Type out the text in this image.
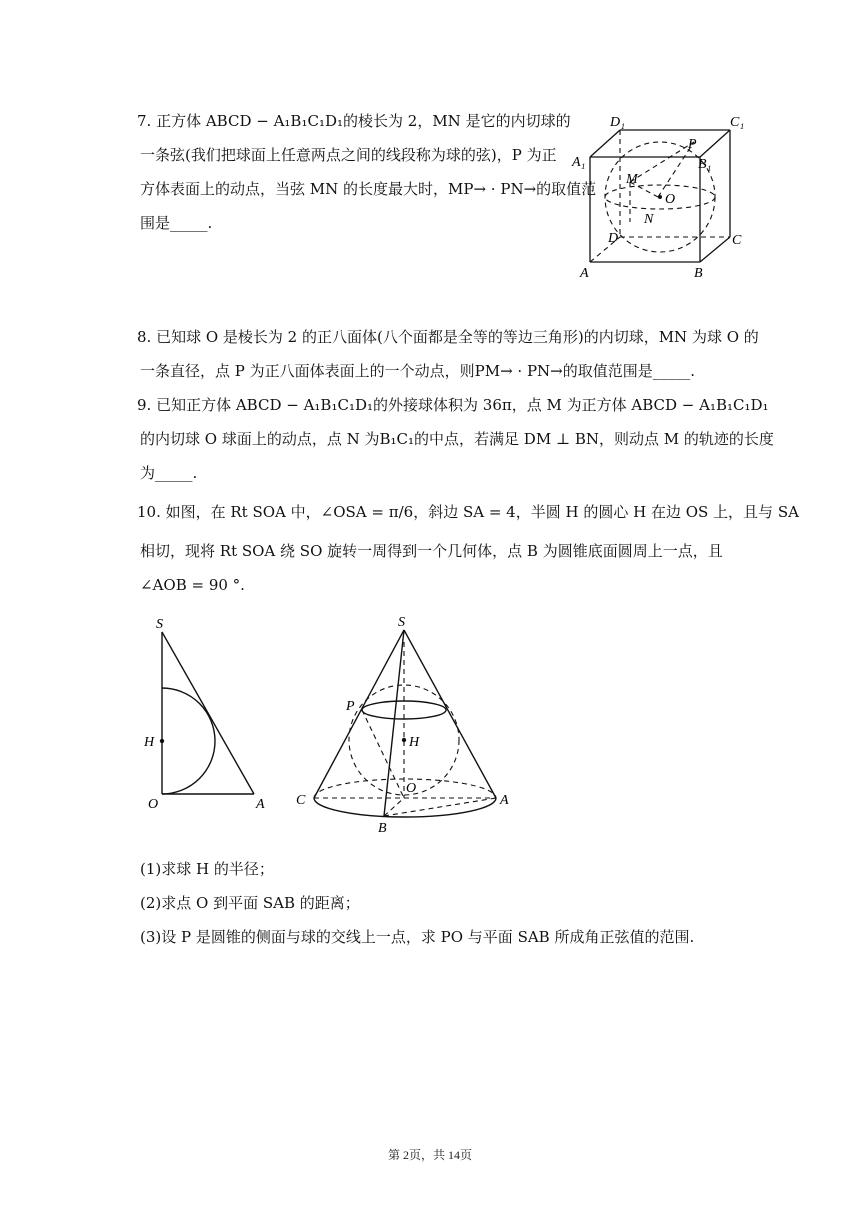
7. 正方体 ABCD − A₁B₁C₁D₁的棱长为 2，MN 是它的内切球的

一条弦(我们把球面上任意两点之间的线段称为球的弦)，P 为正

方体表面上的动点，当弦 MN 的长度最大时，MP→ · PN→的取值范

围是_____.

D₁	C₁
A₁	B₁
P
M
O
N
D	C
A	B

8. 已知球 O 是棱长为 2 的正八面体(八个面都是全等的等边三角形)的内切球，MN 为球 O 的

一条直径，点 P 为正八面体表面上的一个动点，则PM→ · PN→的取值范围是_____.

9. 已知正方体 ABCD − A₁B₁C₁D₁的外接球体积为 36π，点 M 为正方体 ABCD − A₁B₁C₁D₁

的内切球 O 球面上的动点，点 N 为B₁C₁的中点，若满足 DM ⊥ BN，则动点 M 的轨迹的长度

为_____.

10. 如图，在 Rt SOA 中，∠OSA = π/6，斜边 SA = 4，半圆 H 的圆心 H 在边 OS 上，且与 SA

相切，现将 Rt SOA 绕 SO 旋转一周得到一个几何体，点 B 为圆锥底面圆周上一点，且

∠AOB = 90 °.

S
H
O	A
S
P
H
C
O
A
B

(1)求球 H 的半径；

(2)求点 O 到平面 SAB 的距离；

(3)设 P 是圆锥的侧面与球的交线上一点，求 PO 与平面 SAB 所成角正弦值的范围.

第 2页，共 14页
